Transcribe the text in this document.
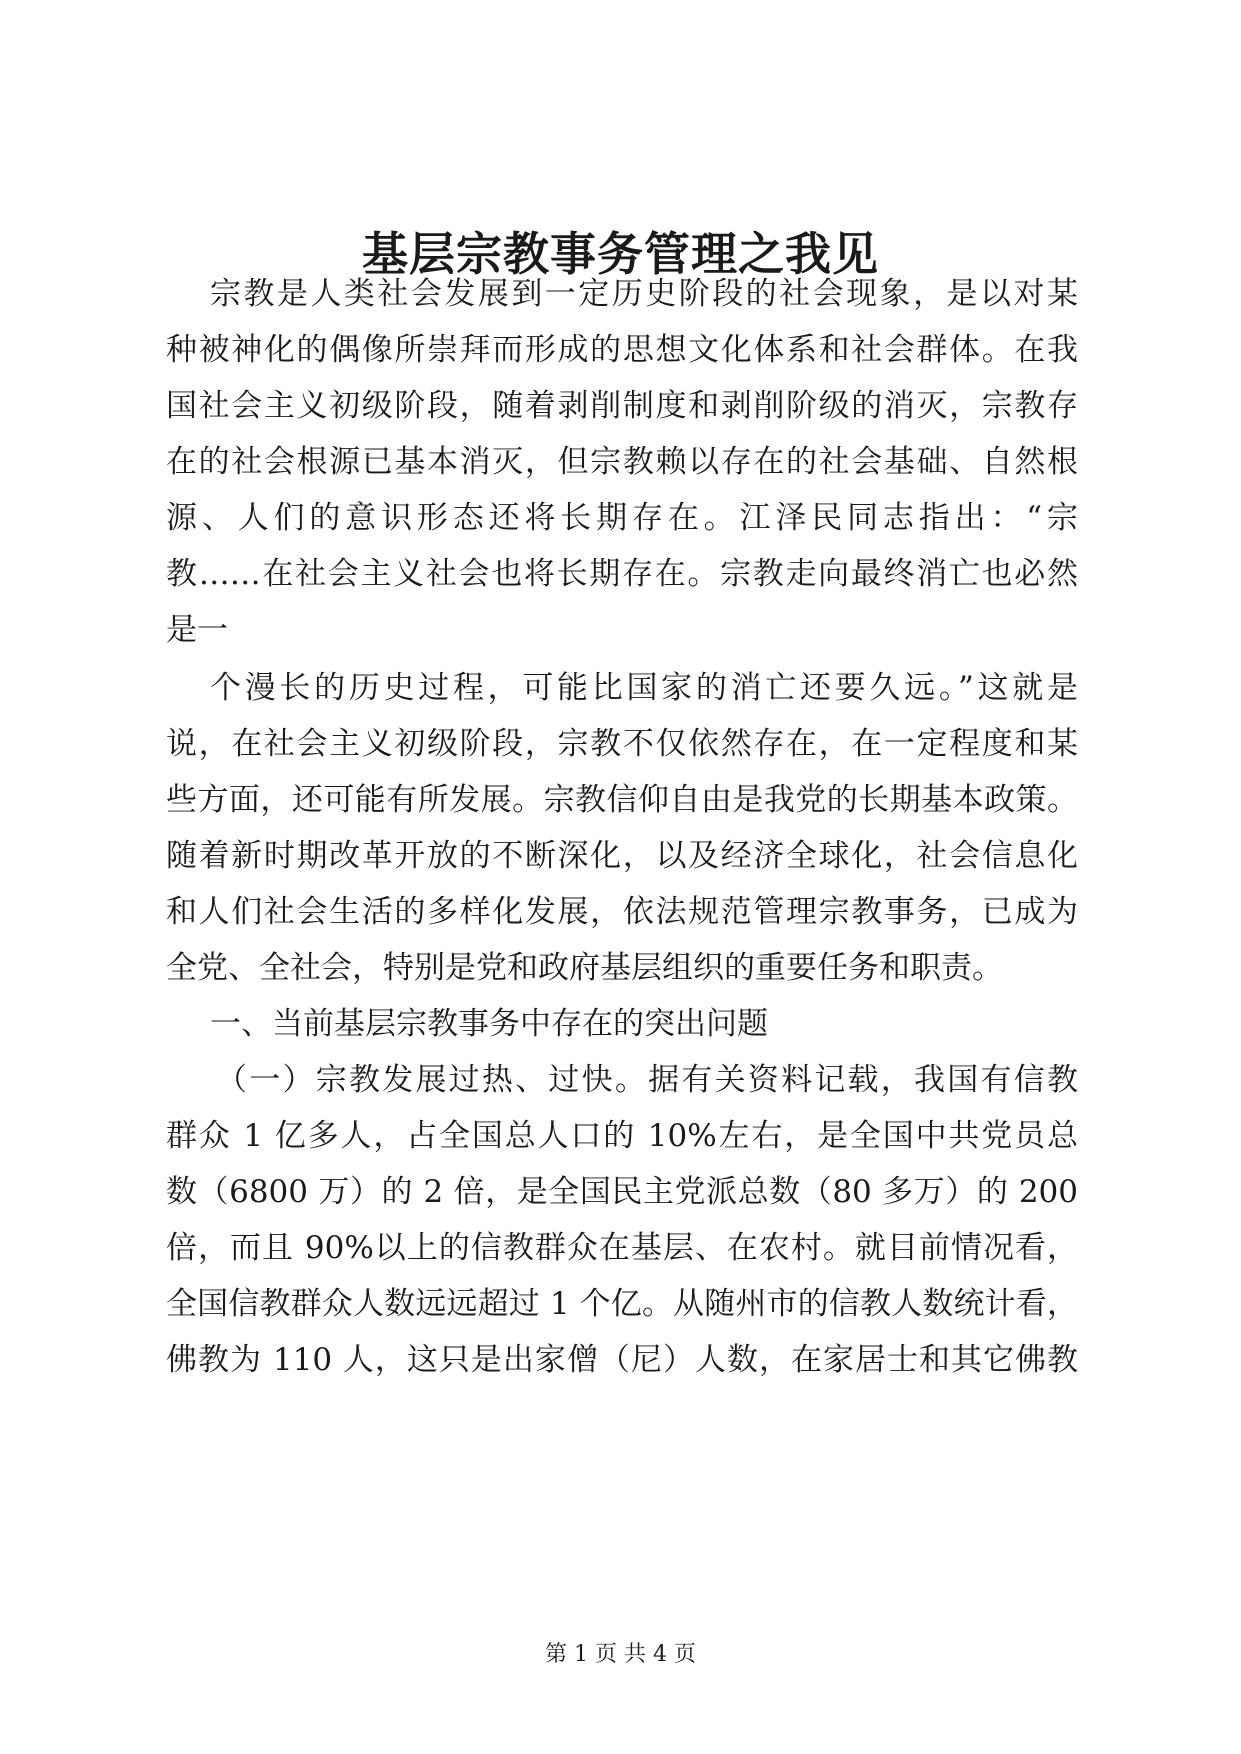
基层宗教事务管理之我见

宗教是人类社会发展到一定历史阶段的社会现象，是以对某

种被神化的偶像所崇拜而形成的思想文化体系和社会群体。在我

国社会主义初级阶段，随着剥削制度和剥削阶级的消灭，宗教存

在的社会根源已基本消灭，但宗教赖以存在的社会基础、自然根

源、人们的意识形态还将长期存在。江泽民同志指出：“宗

教……在社会主义社会也将长期存在。宗教走向最终消亡也必然

是一

个漫长的历史过程，可能比国家的消亡还要久远。”这就是

说，在社会主义初级阶段，宗教不仅依然存在，在一定程度和某

些方面，还可能有所发展。宗教信仰自由是我党的长期基本政策。

随着新时期改革开放的不断深化，以及经济全球化，社会信息化

和人们社会生活的多样化发展，依法规范管理宗教事务，已成为

全党、全社会，特别是党和政府基层组织的重要任务和职责。

一、当前基层宗教事务中存在的突出问题

（一）宗教发展过热、过快。据有关资料记载，我国有信教

群众 1 亿多人，占全国总人口的 10%左右，是全国中共党员总

数（6800 万）的 2 倍，是全国民主党派总数（80 多万）的 200

倍，而且 90%以上的信教群众在基层、在农村。就目前情况看，

全国信教群众人数远远超过 1 个亿。从随州市的信教人数统计看，

佛教为 110 人，这只是出家僧（尼）人数，在家居士和其它佛教

第 1 页 共 4 页
